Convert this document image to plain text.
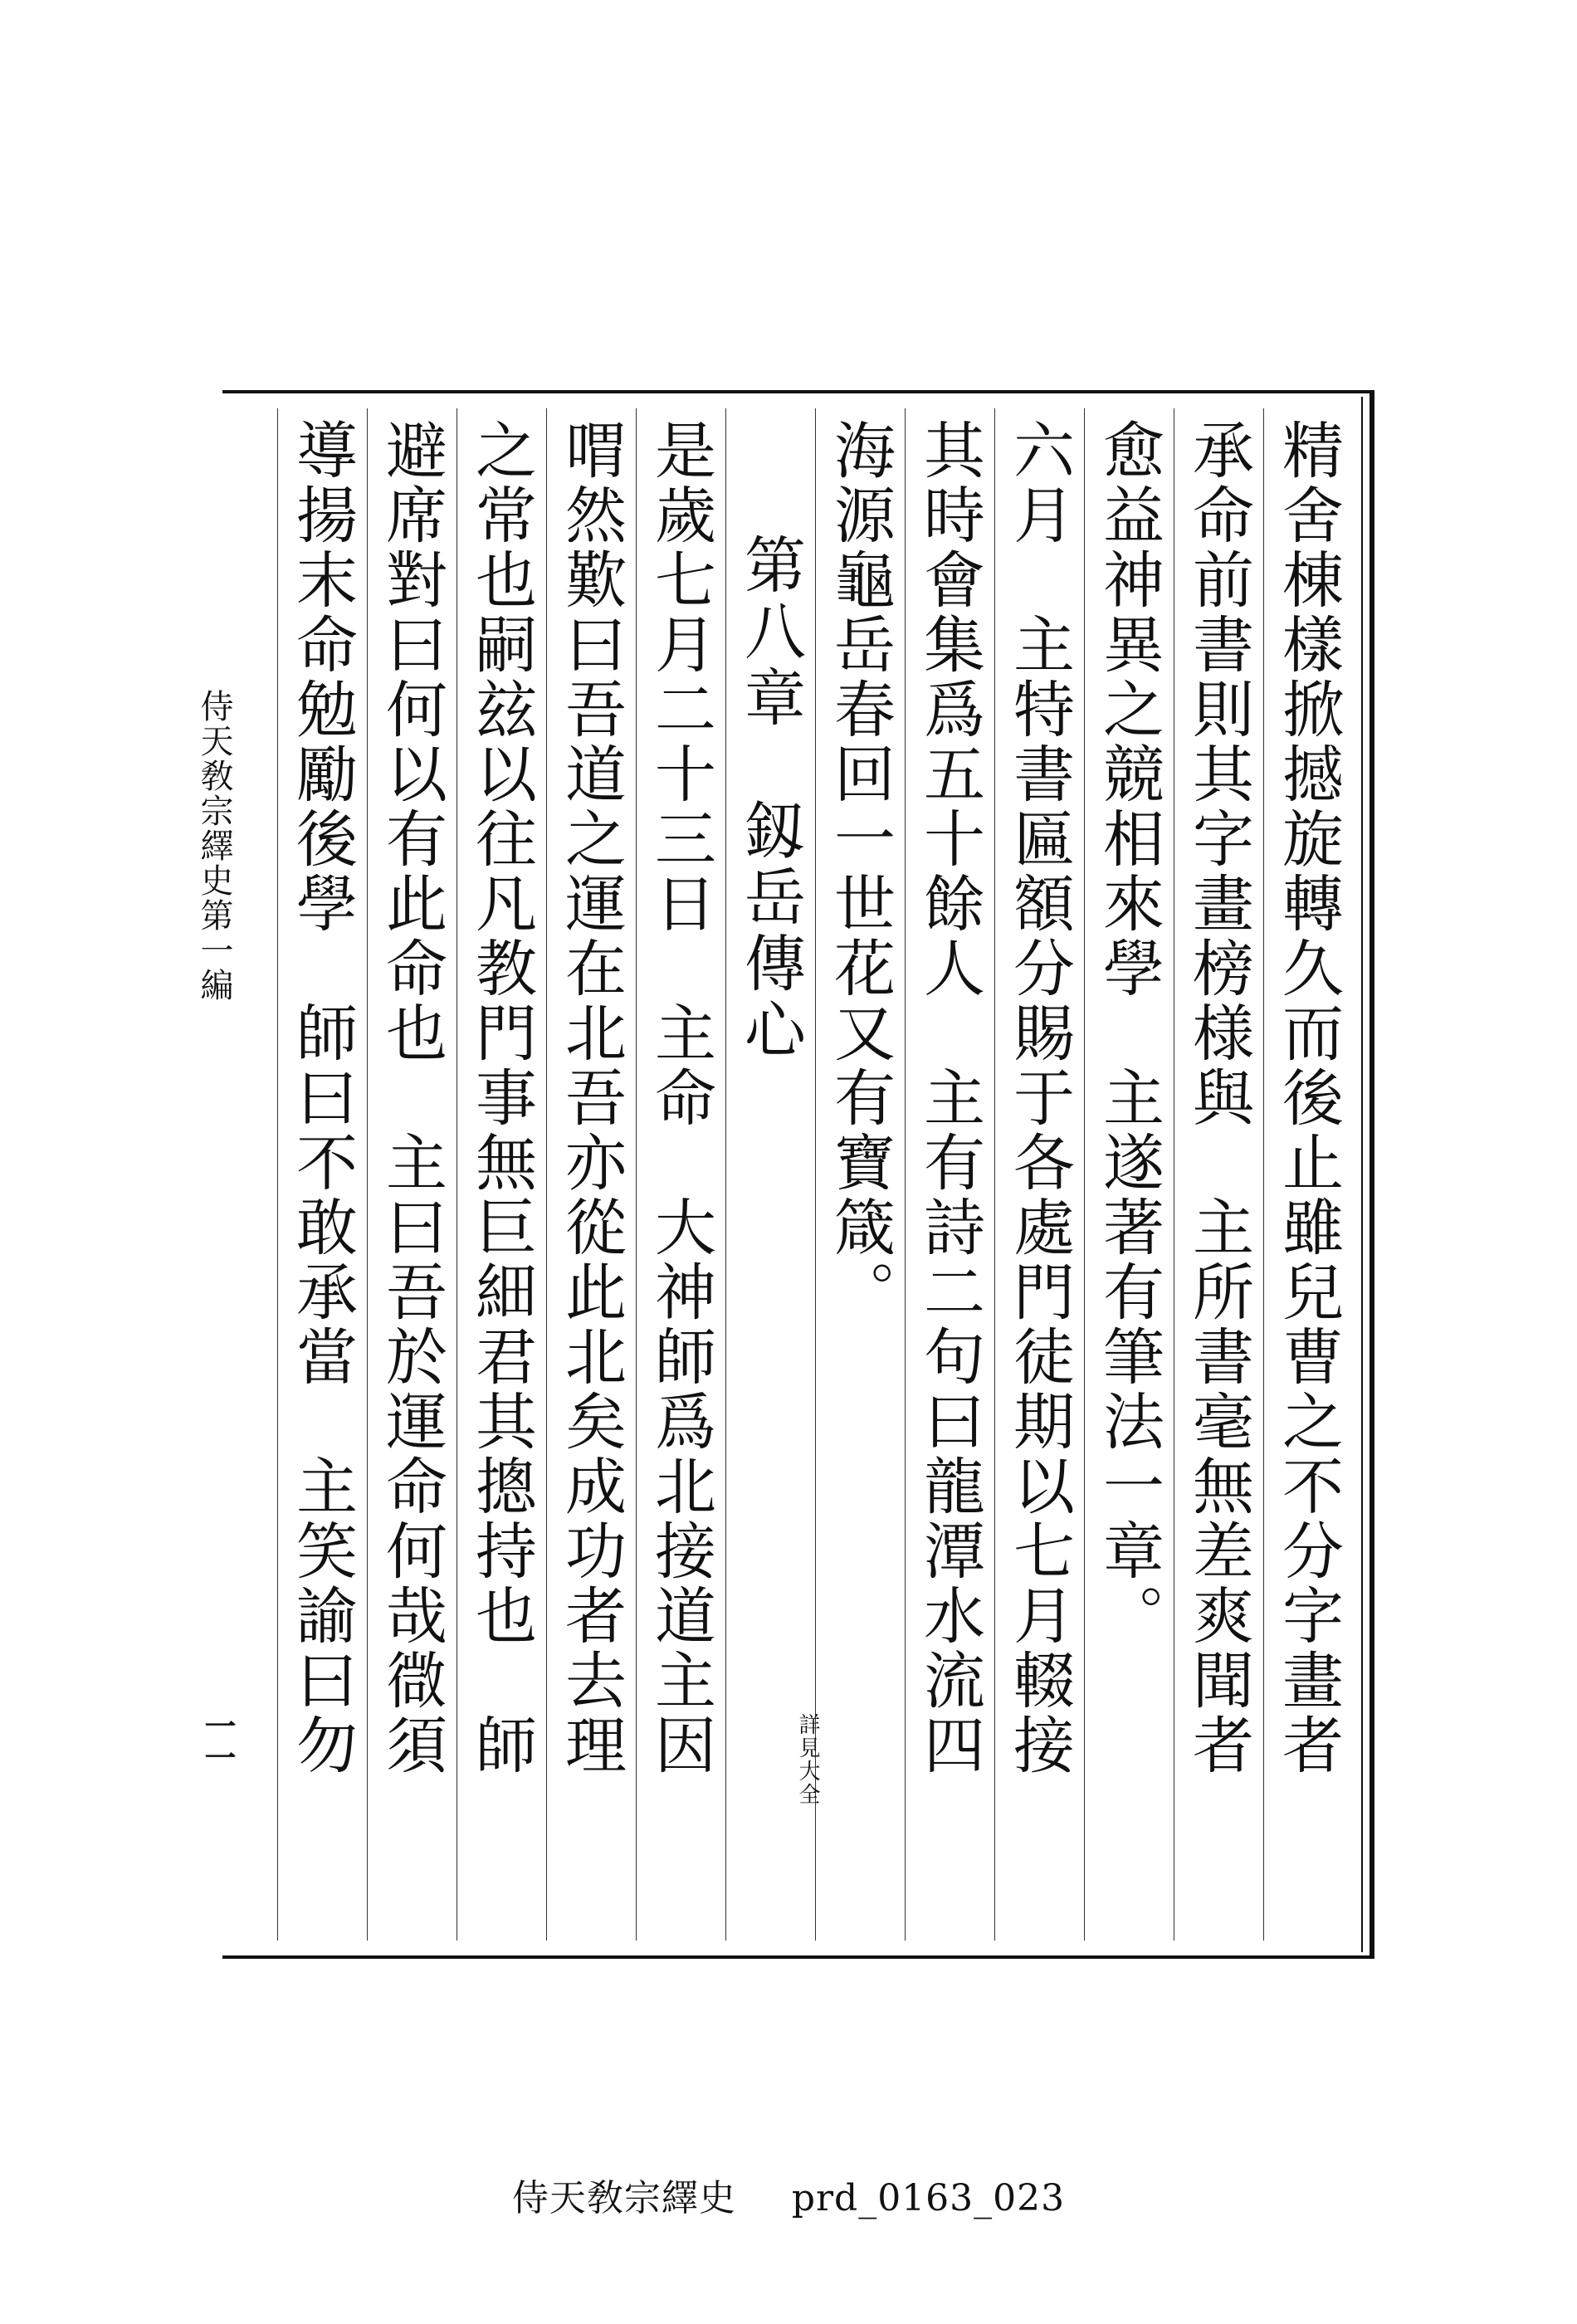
精舍棟樣掀撼旋轉久而後止雖兒曹之不分字畫者
承命前書則其字畫榜様與　主所書毫無差爽聞者
愈益神異之競相來學　主遂著有筆法一章。
六月　主特書匾額分賜于各處門徒期以七月輟接
其時會集爲五十餘人　主有詩二句曰龍潭水流四
海源龜岳春回一世花又有寶箴。
第八章　釼岳傳心
是歲七月二十三日　主命　大神師爲北接道主因
喟然歎曰吾道之運在北吾亦從此北矣成功者去理
之常也嗣玆以往凡教門事無巨細君其摠持也　師
避席對曰何以有此命也　主曰吾於運命何哉㣲須
導揚末命勉勵後學　師曰不敢承當　主笑諭曰勿	詳見大全
侍天敎宗繹史第一編
一一
侍天敎宗繹史 prd_0163_023
